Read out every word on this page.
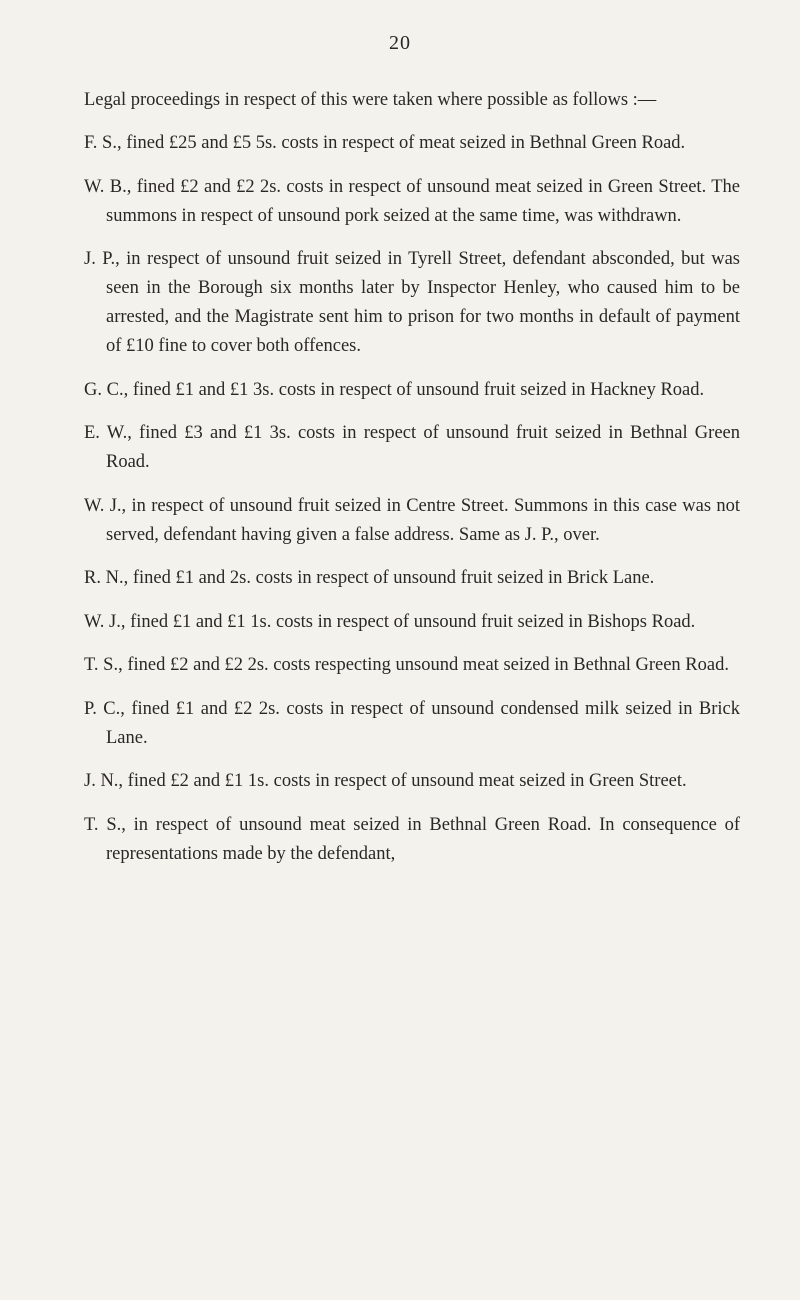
20

Legal proceedings in respect of this were taken where possible as follows :—

F. S., fined £25 and £5 5s. costs in respect of meat seized in Bethnal Green Road.

W. B., fined £2 and £2 2s. costs in respect of unsound meat seized in Green Street. The summons in respect of unsound pork seized at the same time, was withdrawn.

J. P., in respect of unsound fruit seized in Tyrell Street, defendant absconded, but was seen in the Borough six months later by Inspector Henley, who caused him to be arrested, and the Magistrate sent him to prison for two months in default of payment of £10 fine to cover both offences.

G. C., fined £1 and £1 3s. costs in respect of unsound fruit seized in Hackney Road.

E. W., fined £3 and £1 3s. costs in respect of unsound fruit seized in Bethnal Green Road.

W. J., in respect of unsound fruit seized in Centre Street. Summons in this case was not served, defendant having given a false address. Same as J. P., over.

R. N., fined £1 and 2s. costs in respect of unsound fruit seized in Brick Lane.

W. J., fined £1 and £1 1s. costs in respect of unsound fruit seized in Bishops Road.

T. S., fined £2 and £2 2s. costs respecting unsound meat seized in Bethnal Green Road.

P. C., fined £1 and £2 2s. costs in respect of unsound condensed milk seized in Brick Lane.

J. N., fined £2 and £1 1s. costs in respect of unsound meat seized in Green Street.

T. S., in respect of unsound meat seized in Bethnal Green Road. In consequence of representations made by the defendant,
